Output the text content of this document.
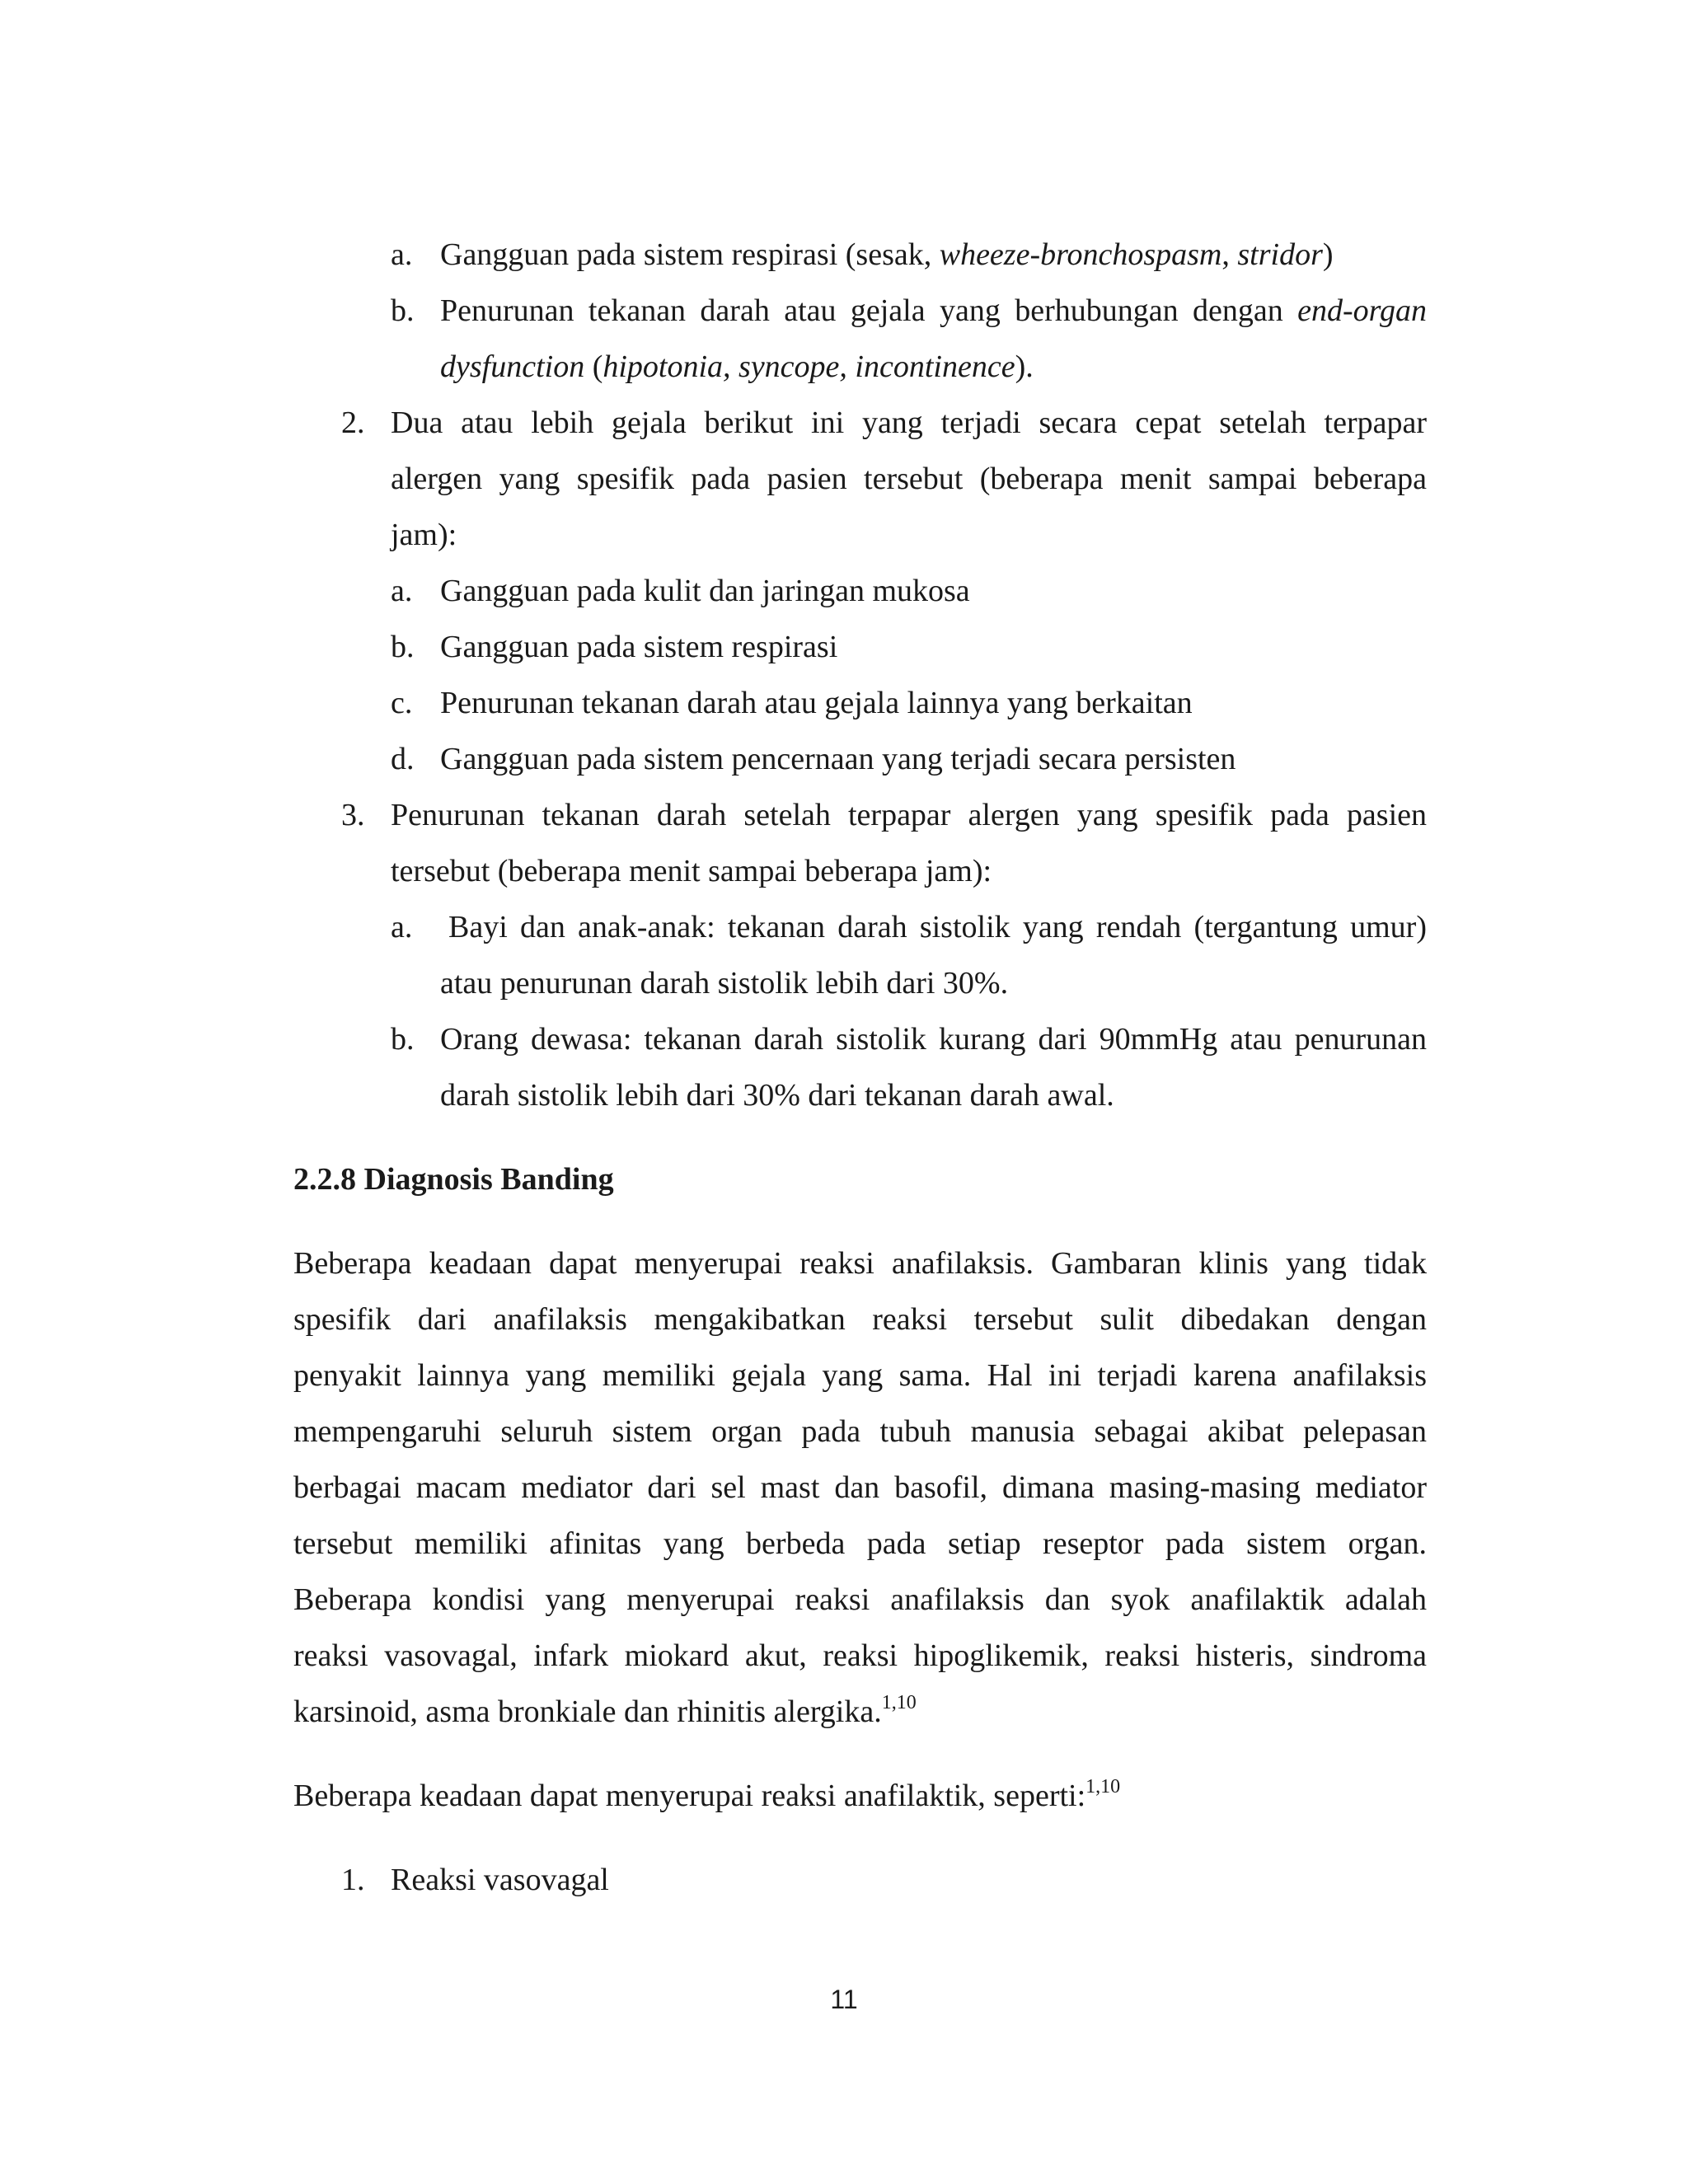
a. Gangguan pada sistem respirasi (sesak, wheeze-bronchospasm, stridor)
b. Penurunan tekanan darah atau gejala yang berhubungan dengan end-organ
dysfunction (hipotonia, syncope, incontinence).
2. Dua atau lebih gejala berikut ini yang terjadi secara cepat setelah terpapar
alergen yang spesifik pada pasien tersebut (beberapa menit sampai beberapa
jam):
a. Gangguan pada kulit dan jaringan mukosa
b. Gangguan pada sistem respirasi
c. Penurunan tekanan darah atau gejala lainnya yang berkaitan
d. Gangguan pada sistem pencernaan yang terjadi secara persisten
3. Penurunan tekanan darah setelah terpapar alergen yang spesifik pada pasien
tersebut (beberapa menit sampai beberapa jam):
a. Bayi dan anak-anak: tekanan darah sistolik yang rendah (tergantung umur)
atau penurunan darah sistolik lebih dari 30%.
b. Orang dewasa: tekanan darah sistolik kurang dari 90mmHg atau penurunan
darah sistolik lebih dari 30% dari tekanan darah awal.
2.2.8 Diagnosis Banding
Beberapa keadaan dapat menyerupai reaksi anafilaksis. Gambaran klinis yang tidak
spesifik dari anafilaksis mengakibatkan reaksi tersebut sulit dibedakan dengan
penyakit lainnya yang memiliki gejala yang sama. Hal ini terjadi karena anafilaksis
mempengaruhi seluruh sistem organ pada tubuh manusia sebagai akibat pelepasan
berbagai macam mediator dari sel mast dan basofil, dimana masing-masing mediator
tersebut memiliki afinitas yang berbeda pada setiap reseptor pada sistem organ.
Beberapa kondisi yang menyerupai reaksi anafilaksis dan syok anafilaktik adalah
reaksi vasovagal, infark miokard akut, reaksi hipoglikemik, reaksi histeris, sindroma
karsinoid, asma bronkiale dan rhinitis alergika.$^{1,10}$
Beberapa keadaan dapat menyerupai reaksi anafilaktik, seperti:$^{1,10}$
1. Reaksi vasovagal
11
